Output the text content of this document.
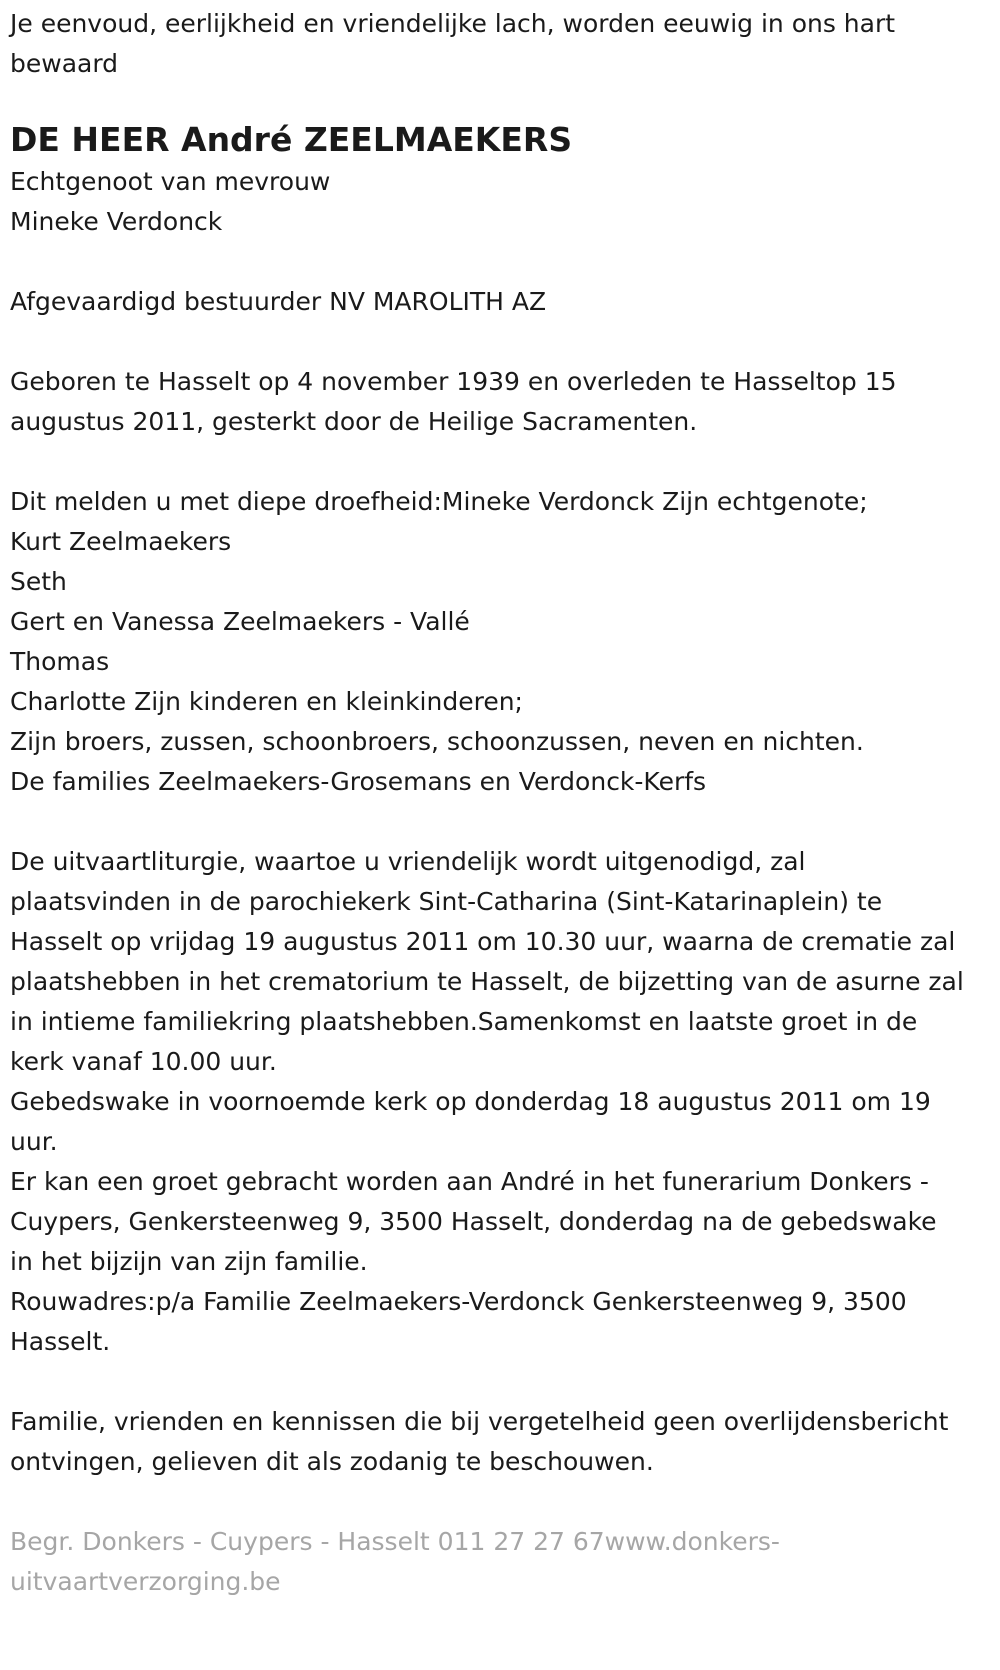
Je eenvoud, eerlijkheid en vriendelijke lach, worden eeuwig in ons hart bewaard

DE HEER André ZEELMAEKERS

Echtgenoot van mevrouw

Mineke Verdonck

Afgevaardigd bestuurder NV MAROLITH AZ

Geboren te Hasselt op 4 november 1939 en overleden te Hasseltop 15 augustus 2011, gesterkt door de Heilige Sacramenten.

Dit melden u met diepe droefheid:Mineke Verdonck Zijn echtgenote;

Kurt Zeelmaekers

Seth

Gert en Vanessa Zeelmaekers - Vallé

Thomas

Charlotte Zijn kinderen en kleinkinderen;

Zijn broers, zussen, schoonbroers, schoonzussen, neven en nichten.

De families Zeelmaekers-Grosemans en Verdonck-Kerfs

De uitvaartliturgie, waartoe u vriendelijk wordt uitgenodigd, zal plaatsvinden in de parochiekerk Sint-Catharina (Sint-Katarinaplein) te Hasselt op vrijdag 19 augustus 2011 om 10.30 uur, waarna de crematie zal plaatshebben in het crematorium te Hasselt, de bijzetting van de asurne zal in intieme familiekring plaatshebben.Samenkomst en laatste groet in de kerk vanaf 10.00 uur.

Gebedswake in voornoemde kerk op donderdag 18 augustus 2011 om 19 uur.

Er kan een groet gebracht worden aan André in het funerarium Donkers - Cuypers, Genkersteenweg 9, 3500 Hasselt, donderdag na de gebedswake

in het bijzijn van zijn familie.

Rouwadres:p/a Familie Zeelmaekers-Verdonck Genkersteenweg 9, 3500 Hasselt.

Familie, vrienden en kennissen die bij vergetelheid geen overlijdensbericht ontvingen, gelieven dit als zodanig te beschouwen.

Begr. Donkers - Cuypers - Hasselt 011 27 27 67www.donkers-uitvaartverzorging.be
